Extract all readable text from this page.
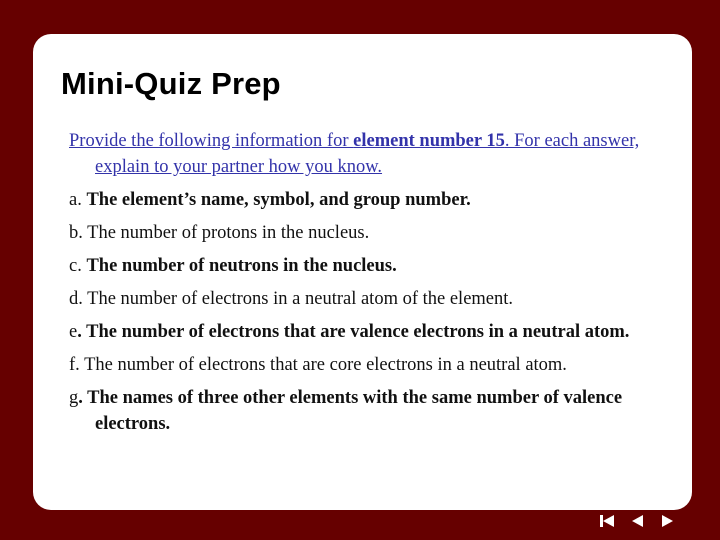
Mini-Quiz Prep

Provide the following information for element number 15. For each answer, explain to your partner how you know.

a. The element’s name, symbol, and group number.

b. The number of protons in the nucleus.

c. The number of neutrons in the nucleus.

d. The number of electrons in a neutral atom of the element.

e. The number of electrons that are valence electrons in a neutral atom.

f. The number of electrons that are core electrons in a neutral atom.

g. The names of three other elements with the same number of valence electrons.
